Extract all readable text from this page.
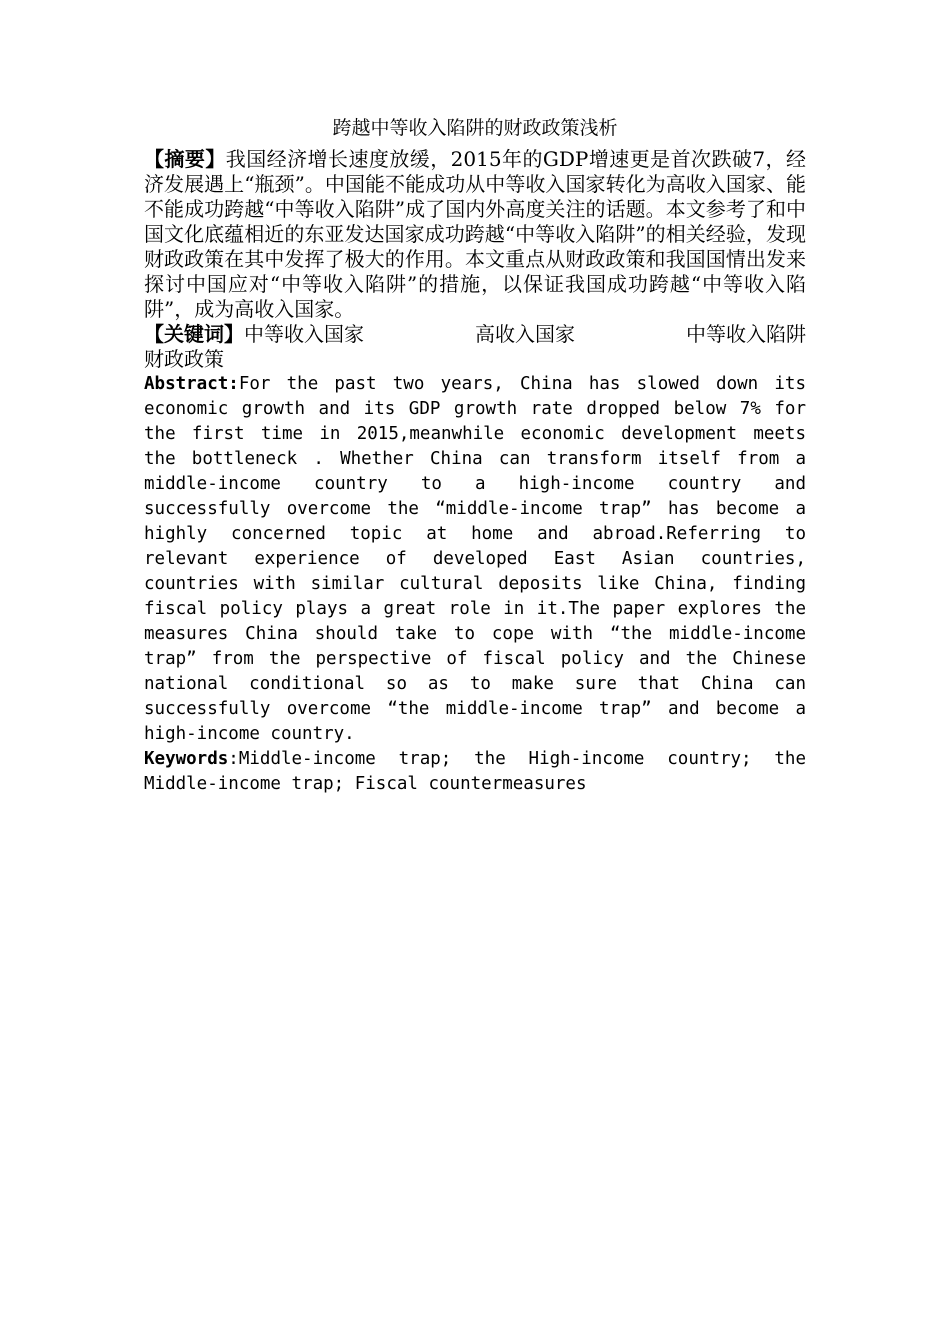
跨越中等收入陷阱的财政政策浅析

【摘要】我国经济增长速度放缓，2015年的GDP增速更是首次跌破7，经济发展遇上“瓶颈”。中国能不能成功从中等收入国家转化为高收入国家、能不能成功跨越“中等收入陷阱”成了国内外高度关注的话题。本文参考了和中国文化底蕴相近的东亚发达国家成功跨越“中等收入陷阱”的相关经验，发现财政政策在其中发挥了极大的作用。本文重点从财政政策和我国国情出发来探讨中国应对“中等收入陷阱”的措施，以保证我国成功跨越“中等收入陷阱”，成为高收入国家。

【关键词】中等收入国家	高收入国家	中等收入陷阱
财政政策

Abstract:For the past two years, China has slowed down its economic growth and its GDP growth rate dropped below 7% for the first time in 2015,meanwhile economic development meets the bottleneck . Whether China can transform itself from a middle-income country to a high-income country and successfully overcome the “middle-income trap” has become a highly concerned topic at home and abroad.Referring to relevant experience of developed East Asian countries, countries with similar cultural deposits like China, finding fiscal policy plays a great role in it.The paper explores the measures China should take to cope with “the middle-income trap” from the perspective of fiscal policy and the Chinese national conditional so as to make sure that China can successfully overcome “the middle-income trap” and become a high-income country.

Keywords:Middle-income trap; the High-income country; the Middle-income trap; Fiscal countermeasures
